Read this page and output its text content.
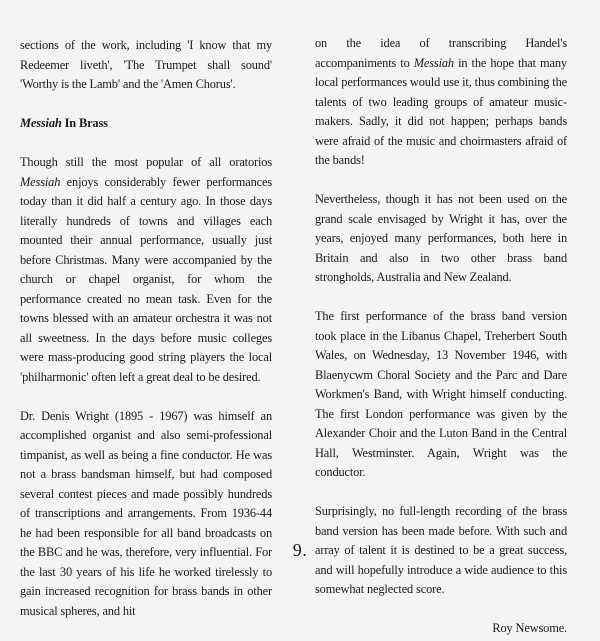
sections of the work, including 'I know that my Redeemer liveth', 'The Trumpet shall sound' 'Worthy is the Lamb' and the 'Amen Chorus'.

Messiah In Brass

Though still the most popular of all oratorios Messiah enjoys considerably fewer performances today than it did half a century ago. In those days literally hundreds of towns and villages each mounted their annual performance, usually just before Christmas. Many were accompanied by the church or chapel organist, for whom the performance created no mean task. Even for the towns blessed with an amateur orchestra it was not all sweetness. In the days before music colleges were mass-producing good string players the local 'philharmonic' often left a great deal to be desired.

Dr. Denis Wright (1895 - 1967) was himself an accomplished organist and also semi-professional timpanist, as well as being a fine conductor. He was not a brass bandsman himself, but had composed several contest pieces and made possibly hundreds of transcriptions and arrangements. From 1936-44 he had been responsible for all band broadcasts on the BBC and he was, therefore, very influential. For the last 30 years of his life he worked tirelessly to gain increased recognition for brass bands in other musical spheres, and hit

on the idea of transcribing Handel's accompaniments to Messiah in the hope that many local performances would use it, thus combining the talents of two leading groups of amateur music-makers. Sadly, it did not happen; perhaps bands were afraid of the music and choirmasters afraid of the bands!

Nevertheless, though it has not been used on the grand scale envisaged by Wright it has, over the years, enjoyed many performances, both here in Britain and also in two other brass band strongholds, Australia and New Zealand.

The first performance of the brass band version took place in the Libanus Chapel, Treherbert South Wales, on Wednesday, 13 November 1946, with Blaenycwm Choral Society and the Parc and Dare Workmen's Band, with Wright himself conducting. The first London performance was given by the Alexander Choir and the Luton Band in the Central Hall, Westminster. Again, Wright was the conductor.

Surprisingly, no full-length recording of the brass band version has been made before. With such and array of talent it is destined to be a great success, and will hopefully introduce a wide audience to this somewhat neglected score.

Roy Newsome.

9.
